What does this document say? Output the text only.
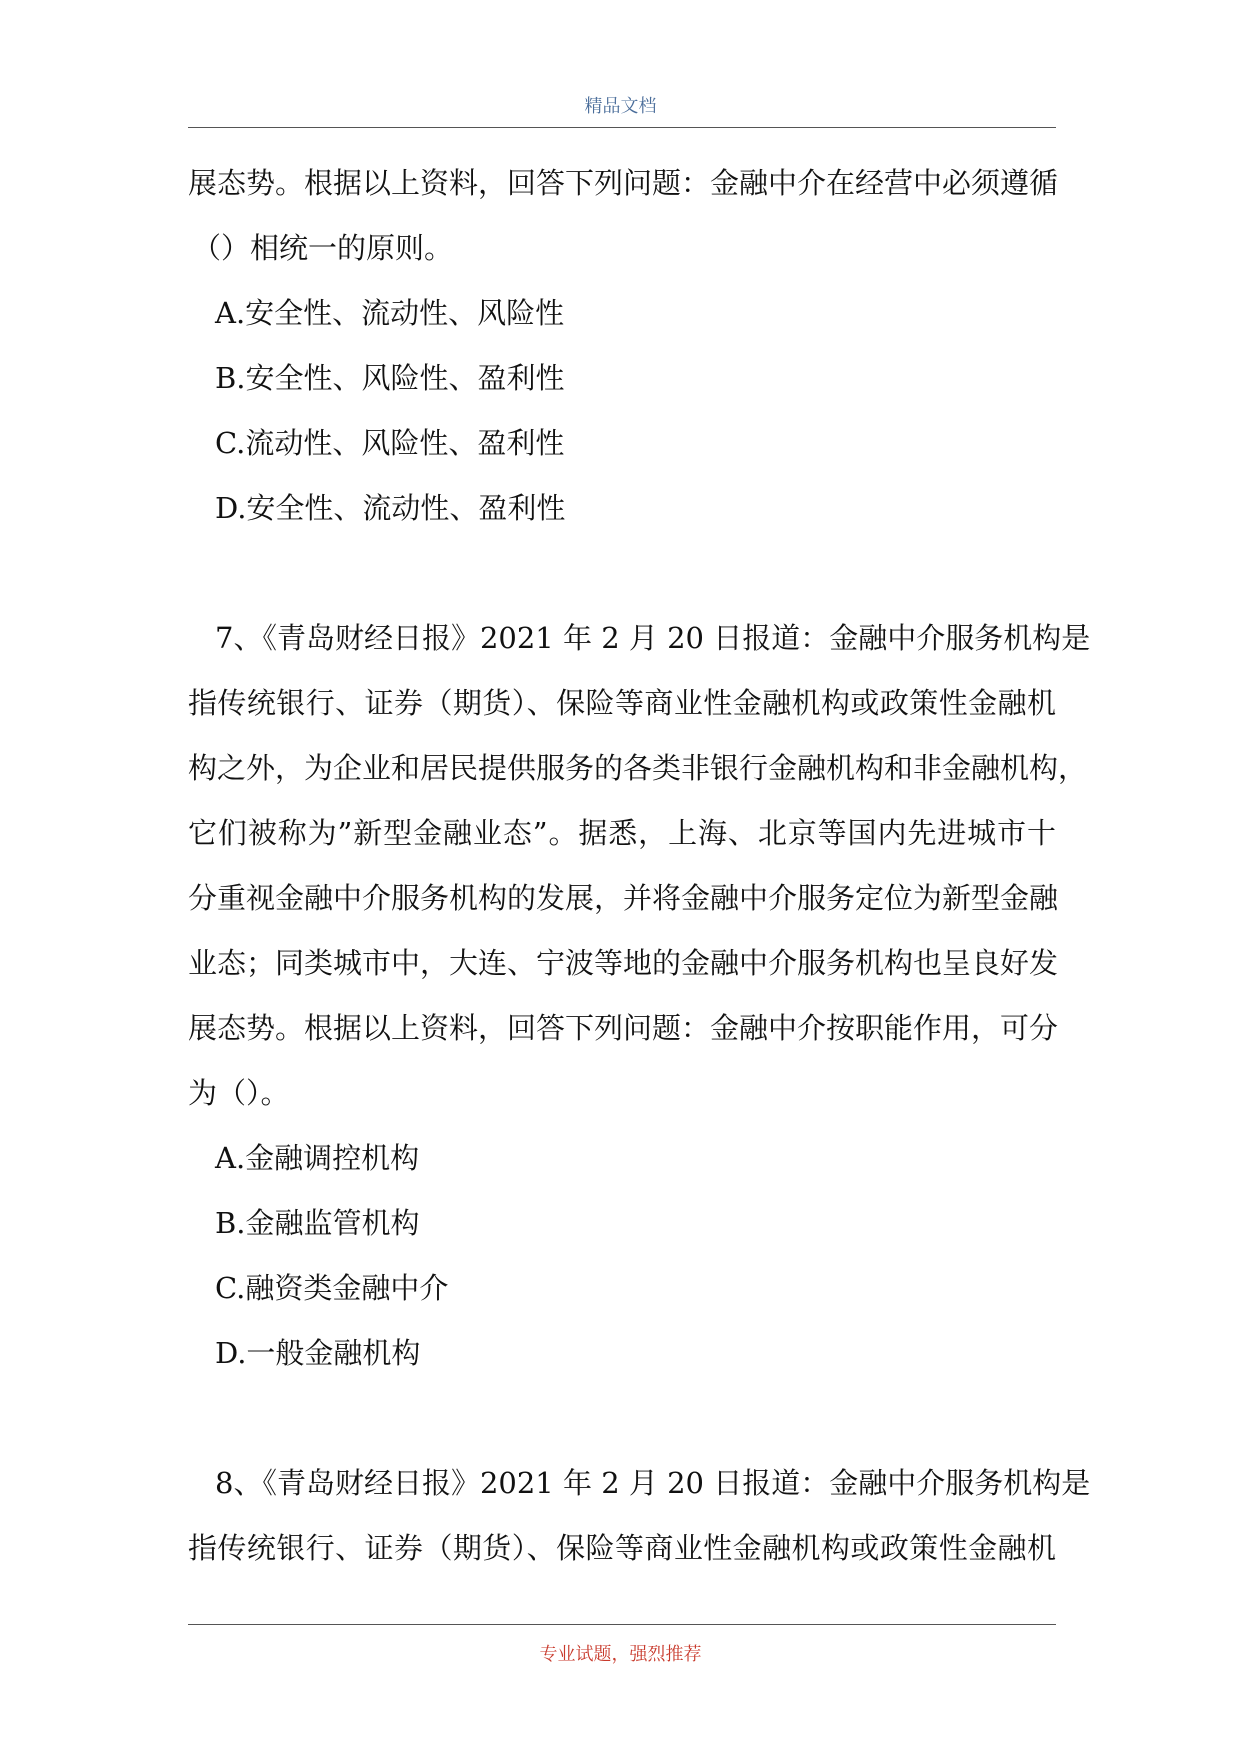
精品文档
展态势。根据以上资料，回答下列问题：金融中介在经营中必须遵循
（）相统一的原则。
A.安全性、流动性、风险性
B.安全性、风险性、盈利性
C.流动性、风险性、盈利性
D.安全性、流动性、盈利性
7、《青岛财经日报》2021 年 2 月 20 日报道：金融中介服务机构是
指传统银行、证券（期货）、保险等商业性金融机构或政策性金融机
构之外，为企业和居民提供服务的各类非银行金融机构和非金融机构，
它们被称为”新型金融业态”。据悉，上海、北京等国内先进城市十
分重视金融中介服务机构的发展，并将金融中介服务定位为新型金融
业态；同类城市中，大连、宁波等地的金融中介服务机构也呈良好发
展态势。根据以上资料，回答下列问题：金融中介按职能作用，可分
为（）。
A.金融调控机构
B.金融监管机构
C.融资类金融中介
D.一般金融机构
8、《青岛财经日报》2021 年 2 月 20 日报道：金融中介服务机构是
指传统银行、证券（期货）、保险等商业性金融机构或政策性金融机
专业试题，强烈推荐
